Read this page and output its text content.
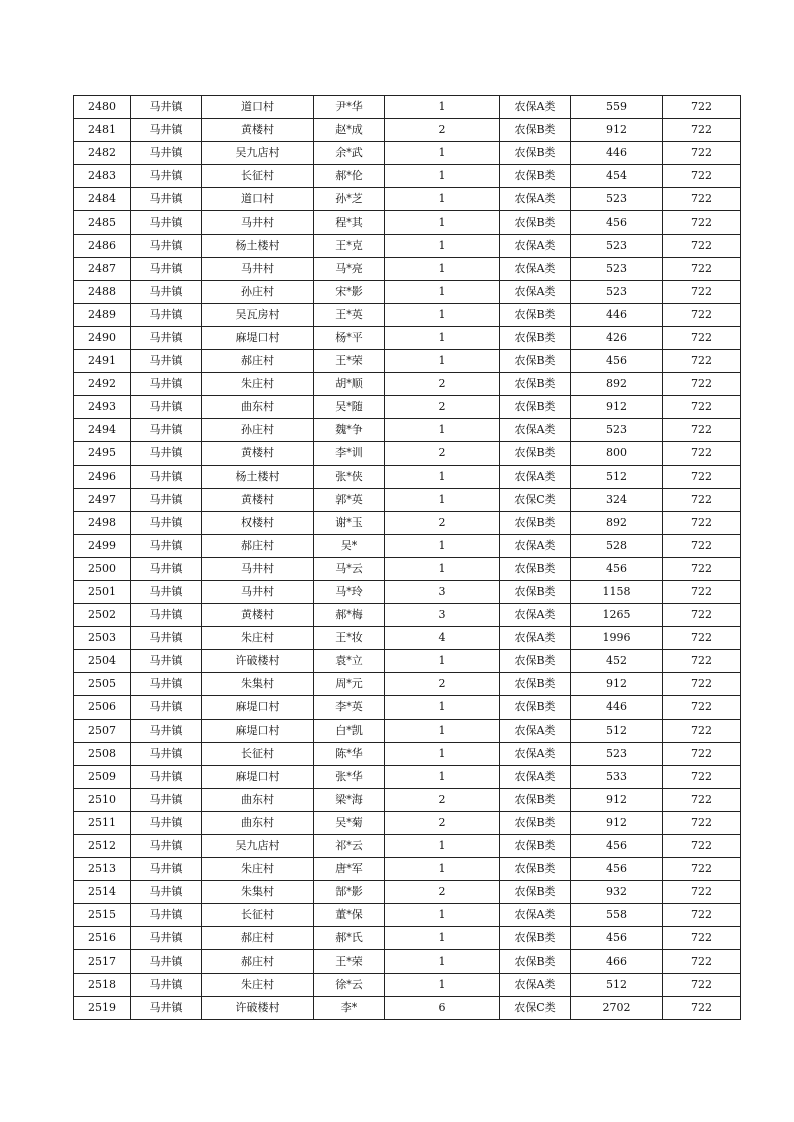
2480	马井镇	道口村	尹*华	1	农保A类	559	722
2481	马井镇	黄楼村	赵*成	2	农保B类	912	722
2482	马井镇	吴九店村	余*武	1	农保B类	446	722
2483	马井镇	长征村	郝*伦	1	农保B类	454	722
2484	马井镇	道口村	孙*芝	1	农保A类	523	722
2485	马井镇	马井村	程*其	1	农保B类	456	722
2486	马井镇	杨土楼村	王*克	1	农保A类	523	722
2487	马井镇	马井村	马*亮	1	农保A类	523	722
2488	马井镇	孙庄村	宋*影	1	农保A类	523	722
2489	马井镇	吴瓦房村	王*英	1	农保B类	446	722
2490	马井镇	麻堤口村	杨*平	1	农保B类	426	722
2491	马井镇	郝庄村	王*荣	1	农保B类	456	722
2492	马井镇	朱庄村	胡*顺	2	农保B类	892	722
2493	马井镇	曲东村	吴*随	2	农保B类	912	722
2494	马井镇	孙庄村	魏*争	1	农保A类	523	722
2495	马井镇	黄楼村	李*训	2	农保B类	800	722
2496	马井镇	杨土楼村	张*侠	1	农保A类	512	722
2497	马井镇	黄楼村	郭*英	1	农保C类	324	722
2498	马井镇	权楼村	谢*玉	2	农保B类	892	722
2499	马井镇	郝庄村	吴*	1	农保A类	528	722
2500	马井镇	马井村	马*云	1	农保B类	456	722
2501	马井镇	马井村	马*玲	3	农保B类	1158	722
2502	马井镇	黄楼村	郝*梅	3	农保A类	1265	722
2503	马井镇	朱庄村	王*妆	4	农保A类	1996	722
2504	马井镇	许破楼村	袁*立	1	农保B类	452	722
2505	马井镇	朱集村	周*元	2	农保B类	912	722
2506	马井镇	麻堤口村	李*英	1	农保B类	446	722
2507	马井镇	麻堤口村	白*凯	1	农保A类	512	722
2508	马井镇	长征村	陈*华	1	农保A类	523	722
2509	马井镇	麻堤口村	张*华	1	农保A类	533	722
2510	马井镇	曲东村	梁*海	2	农保B类	912	722
2511	马井镇	曲东村	吴*菊	2	农保B类	912	722
2512	马井镇	吴九店村	祁*云	1	农保B类	456	722
2513	马井镇	朱庄村	唐*军	1	农保B类	456	722
2514	马井镇	朱集村	郜*影	2	农保B类	932	722
2515	马井镇	长征村	董*保	1	农保A类	558	722
2516	马井镇	郝庄村	郝*氏	1	农保B类	456	722
2517	马井镇	郝庄村	王*荣	1	农保B类	466	722
2518	马井镇	朱庄村	徐*云	1	农保A类	512	722
2519	马井镇	许破楼村	李*	6	农保C类	2702	722
